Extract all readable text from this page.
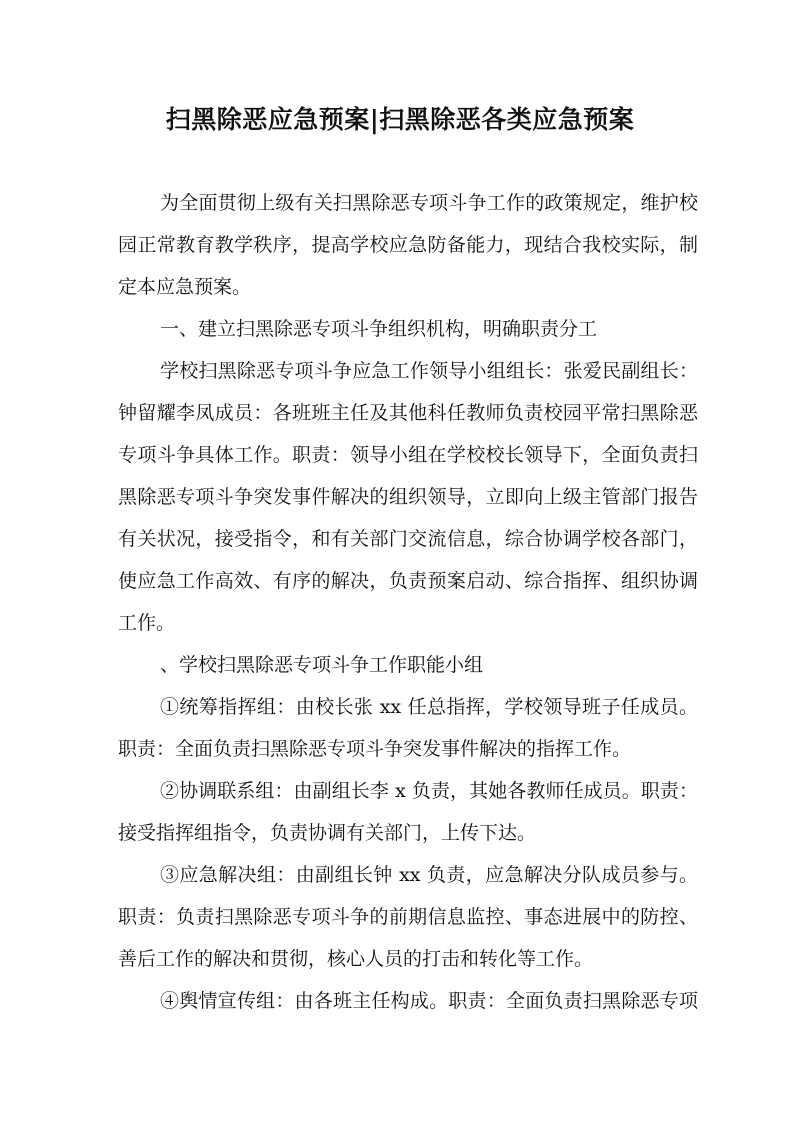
扫黑除恶应急预案|扫黑除恶各类应急预案
为全面贯彻上级有关扫黑除恶专项斗争工作的政策规定，维护校
园正常教育教学秩序，提高学校应急防备能力，现结合我校实际，制
定本应急预案。
一、建立扫黑除恶专项斗争组织机构，明确职责分工
学校扫黑除恶专项斗争应急工作领导小组组长：张爱民副组长：
钟留耀李凤成员：各班班主任及其他科任教师负责校园平常扫黑除恶
专项斗争具体工作。职责：领导小组在学校校长领导下，全面负责扫
黑除恶专项斗争突发事件解决的组织领导，立即向上级主管部门报告
有关状况，接受指令，和有关部门交流信息，综合协调学校各部门，
使应急工作高效、有序的解决，负责预案启动、综合指挥、组织协调
工作。
、学校扫黑除恶专项斗争工作职能小组
①统筹指挥组：由校长张 xx 任总指挥，学校领导班子任成员。
职责：全面负责扫黑除恶专项斗争突发事件解决的指挥工作。
②协调联系组：由副组长李 x 负责，其她各教师任成员。职责：
接受指挥组指令，负责协调有关部门，上传下达。
③应急解决组：由副组长钟 xx 负责，应急解决分队成员参与。
职责：负责扫黑除恶专项斗争的前期信息监控、事态进展中的防控、
善后工作的解决和贯彻，核心人员的打击和转化等工作。
④舆情宣传组：由各班主任构成。职责：全面负责扫黑除恶专项
